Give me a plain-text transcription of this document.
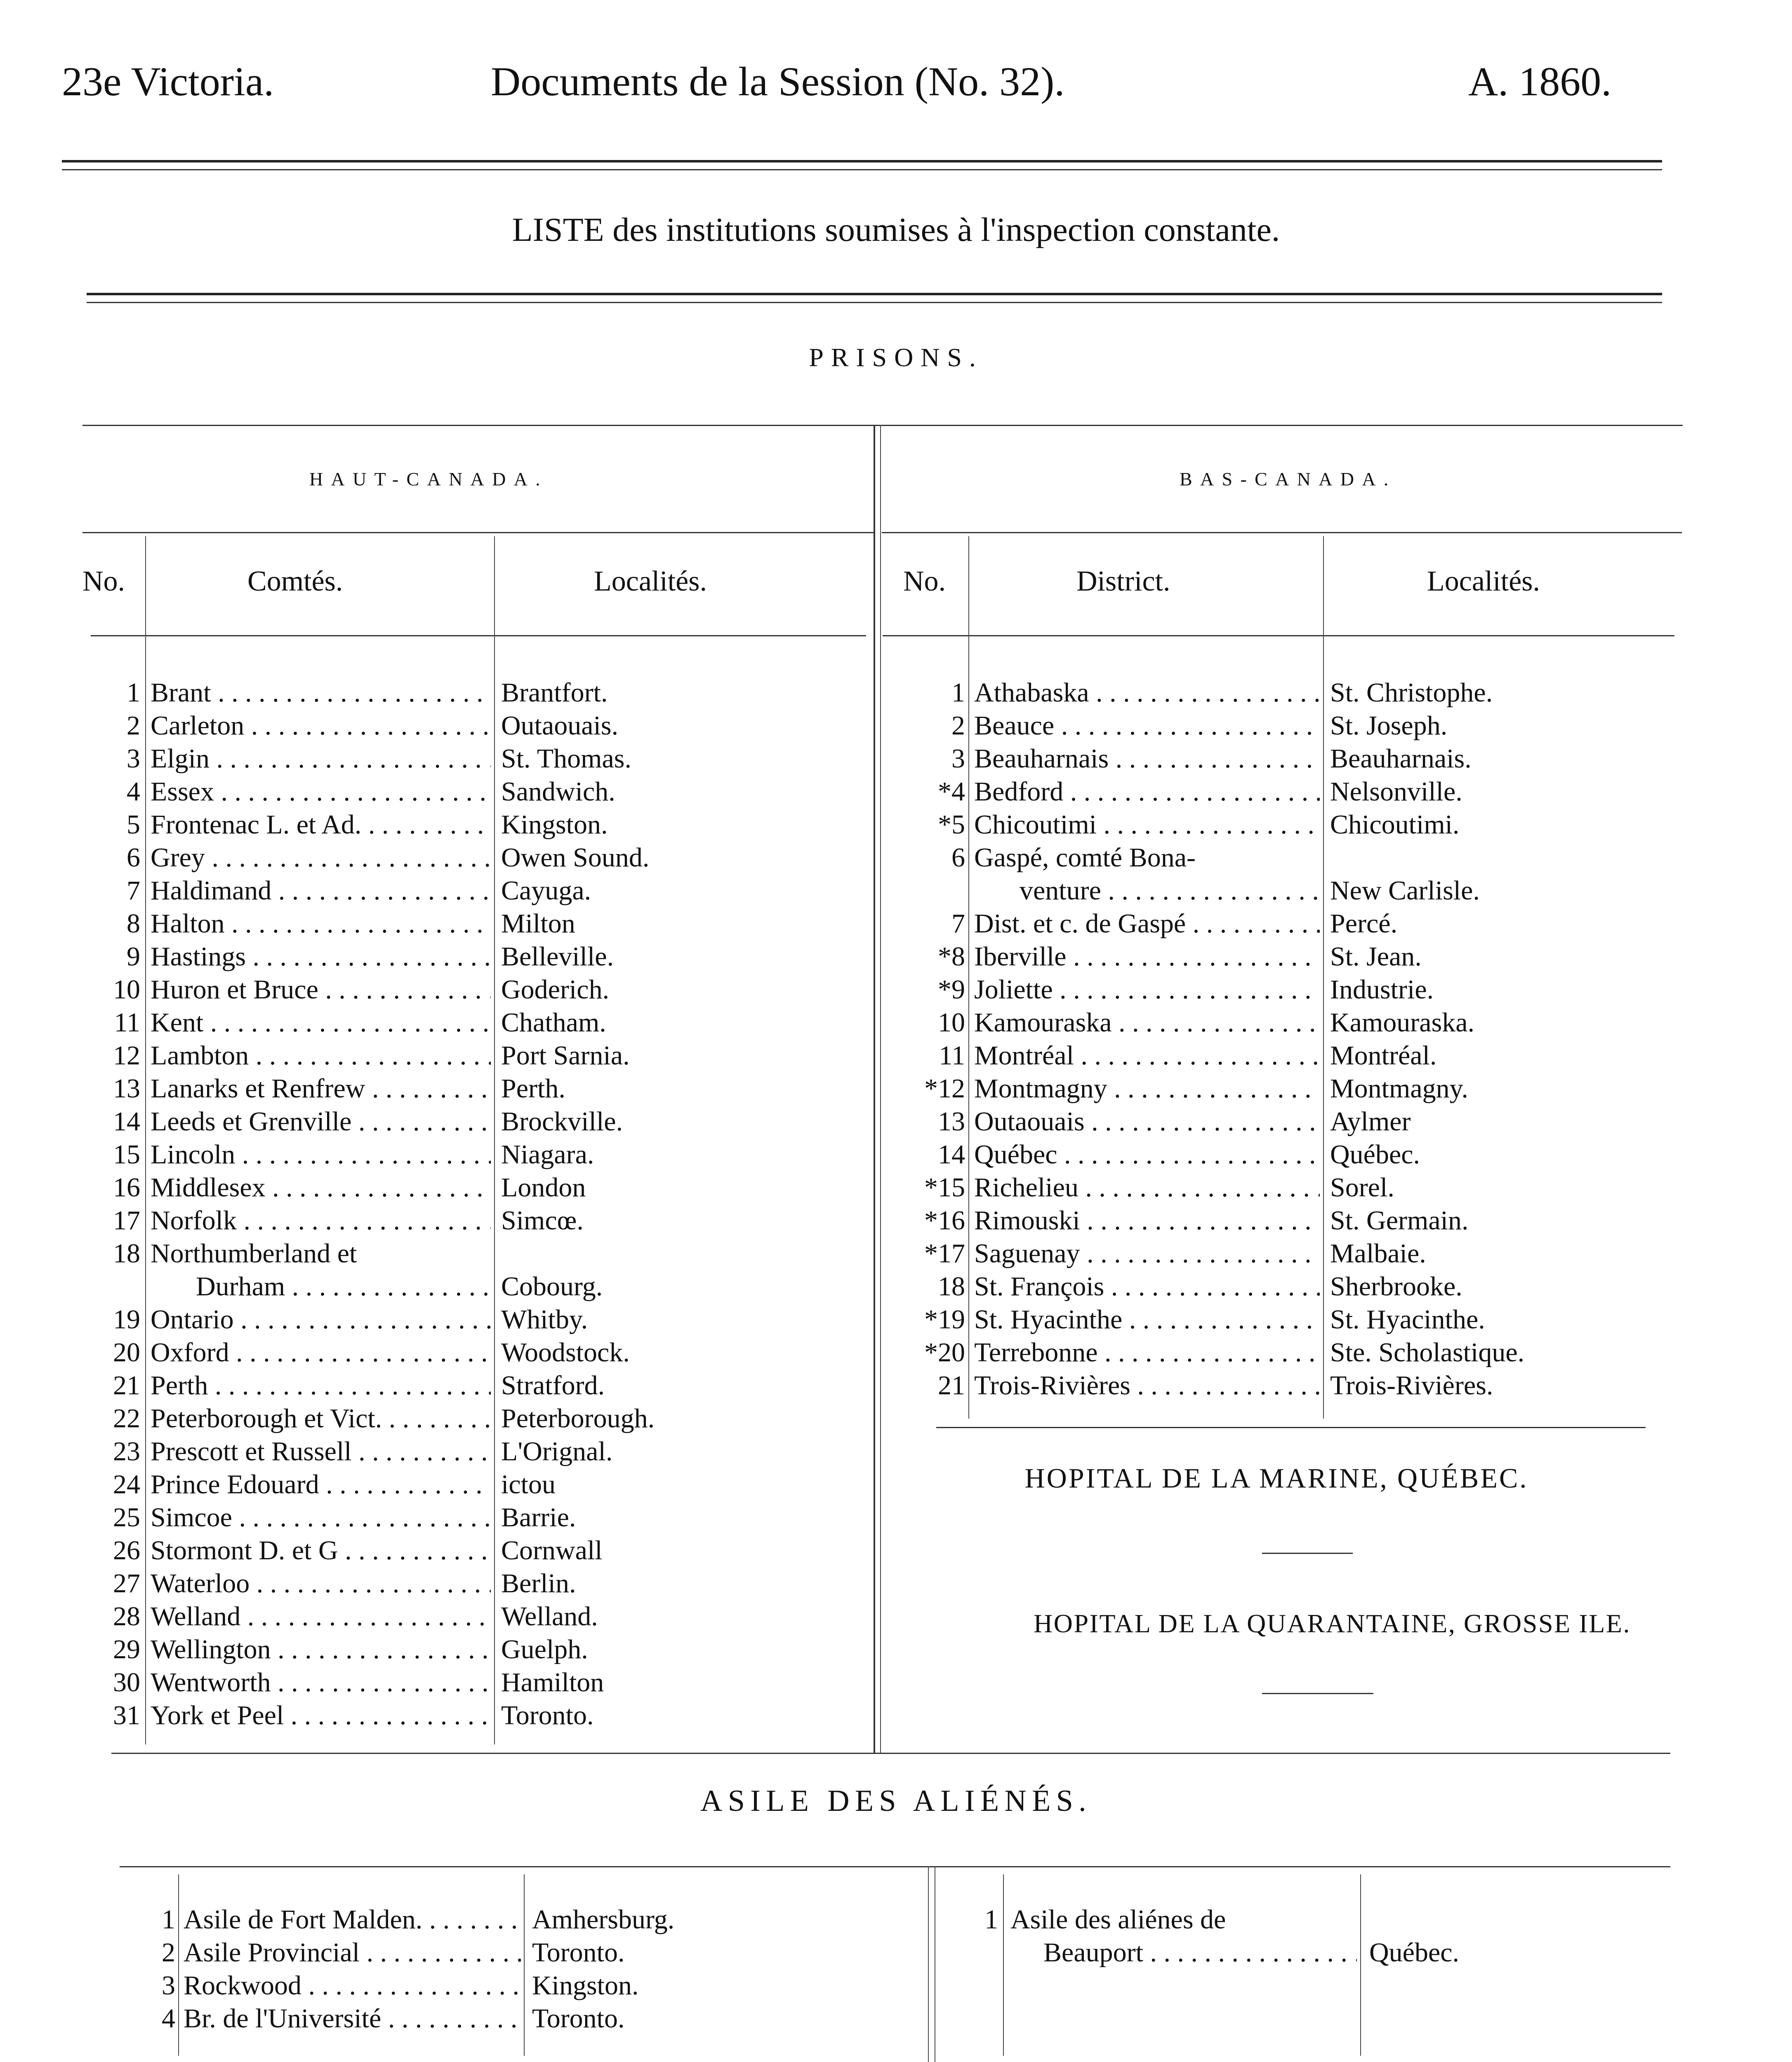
23e Victoria.	Documents de la Session (No. 32).	A. 1860.
LISTE des institutions soumises à l'inspection constante.
PRISONS.
HAUT-CANADA.	BAS-CANADA.
No.	Comtés.	Localités.	No.	District.	Localités.
1 Brant . . .	Brantfort.
2 Carleton . . .	Outaouais.
3 Elgin . . .	St. Thomas.
4 Essex . . .	Sandwich.
5 Frontenac L. et Ad. . . .	Kingston.
6 Grey . . .	Owen Sound.
7 Haldimand . . .	Cayuga.
8 Halton . . .	Milton
9 Hastings . . .	Belleville.
10 Huron et Bruce . . .	Goderich.
11 Kent . . .	Chatham.
12 Lambton . . .	Port Sarnia.
13 Lanarks et Renfrew . . .	Perth.
14 Leeds et Grenville . . .	Brockville.
15 Lincoln . . .	Niagara.
16 Middlesex . . .	London
17 Norfolk . . .	Simcœ.
18 Northumberland et
Durham . . .	Cobourg.
19 Ontario . . .	Whitby.
20 Oxford . . .	Woodstock.
21 Perth . . .	Stratford.
22 Peterborough et Vict. . . .	Peterborough.
23 Prescott et Russell . . .	L'Orignal.
24 Prince Edouard . . .	ictou
25 Simcoe . . .	Barrie.
26 Stormont D. et G . . .	Cornwall
27 Waterloo . . .	Berlin.
28 Welland . . .	Welland.
29 Wellington . . .	Guelph.
30 Wentworth . . .	Hamilton
31 York et Peel . . .	Toronto.
1 Athabaska . . .	St. Christophe.
2 Beauce . . .	St. Joseph.
3 Beauharnais . . .	Beauharnais.
*4 Bedford . . .	Nelsonville.
*5 Chicoutimi . . .	Chicoutimi.
6 Gaspé, comté Bona-
venture . . .	New Carlisle.
7 Dist. et c. de Gaspé . . .	Percé.
*8 Iberville . . .	St. Jean.
*9 Joliette . . .	Industrie.
10 Kamouraska . . .	Kamouraska.
11 Montréal . . .	Montréal.
*12 Montmagny . . .	Montmagny.
13 Outaouais . . .	Aylmer
14 Québec . . .	Québec.
*15 Richelieu . . .	Sorel.
*16 Rimouski . . .	St. Germain.
*17 Saguenay . . .	Malbaie.
18 St. François . . .	Sherbrooke.
*19 St. Hyacinthe . . .	St. Hyacinthe.
*20 Terrebonne . . .	Ste. Scholastique.
21 Trois-Rivières . . .	Trois-Rivières.
HOPITAL DE LA MARINE, QUÉBEC.
HOPITAL DE LA QUARANTAINE, GROSSE ILE.
ASILE DES ALIÉNÉS.
1 Asile de Fort Malden. . . .	Amhersburg.
2 Asile Provincial . . .	Toronto.
3 Rockwood . . .	Kingston.
4 Br. de l'Université . . .	Toronto.
1 Asile des aliénes de
Beauport . . .	Québec.
